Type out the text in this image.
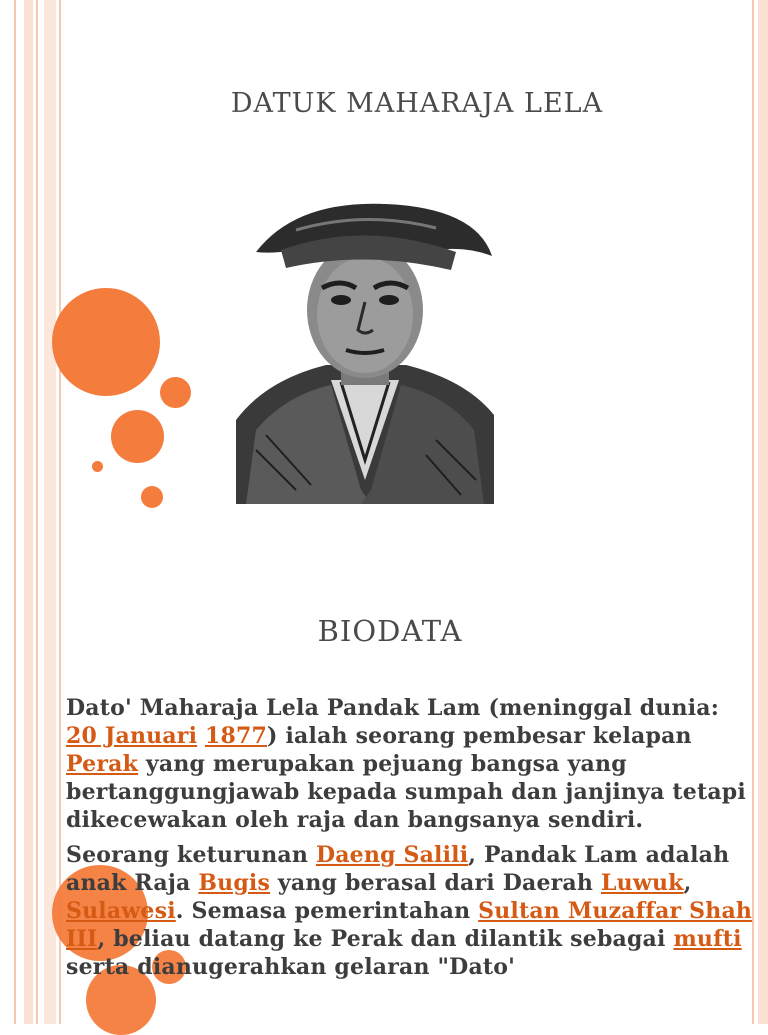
DATUK MAHARAJA LELA
BIODATA

Dato' Maharaja Lela Pandak Lam (meninggal dunia: 20 Januari 1877) ialah seorang pembesar kelapan Perak yang merupakan pejuang bangsa yang bertanggungjawab kepada sumpah dan janjinya tetapi dikecewakan oleh raja dan bangsanya sendiri.

Seorang keturunan Daeng Salili, Pandak Lam adalah anak Raja Bugis yang berasal dari Daerah Luwuk, Sulawesi. Semasa pemerintahan Sultan Muzaffar Shah III, beliau datang ke Perak dan dilantik sebagai mufti serta dianugerahkan gelaran "Dato'
